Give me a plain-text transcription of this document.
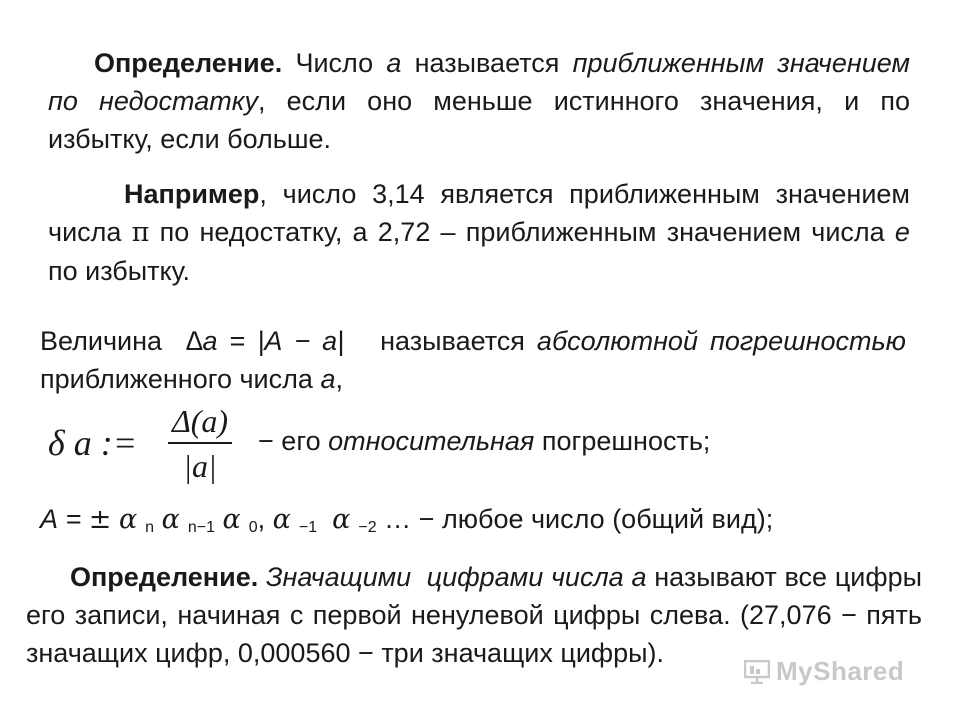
Определение. Число а называется приближенным значением по недостатку, если оно меньше истинного значения, и по избытку, если больше.
Например, число 3,14 является приближенным значением числа π по недостатку, а 2,72 – приближенным значением числа е по избытку.
Величина ∆а = |А − а| называется абсолютной погрешностью приближенного числа а,
δ a :=
Δ(a)
|a|
− его относительная погрешность;
А = ± α $_n$ α $_{n-1}$ α $_0$, α $_{-1}$ α $_{-2}$ … − любое число (общий вид);
Определение. Значащими  цифрами числа а называют все цифры его записи, начиная с первой ненулевой цифры слева. (27,076 − пять значащих цифр, 0,000560 − три значащих цифры).
MyShared
